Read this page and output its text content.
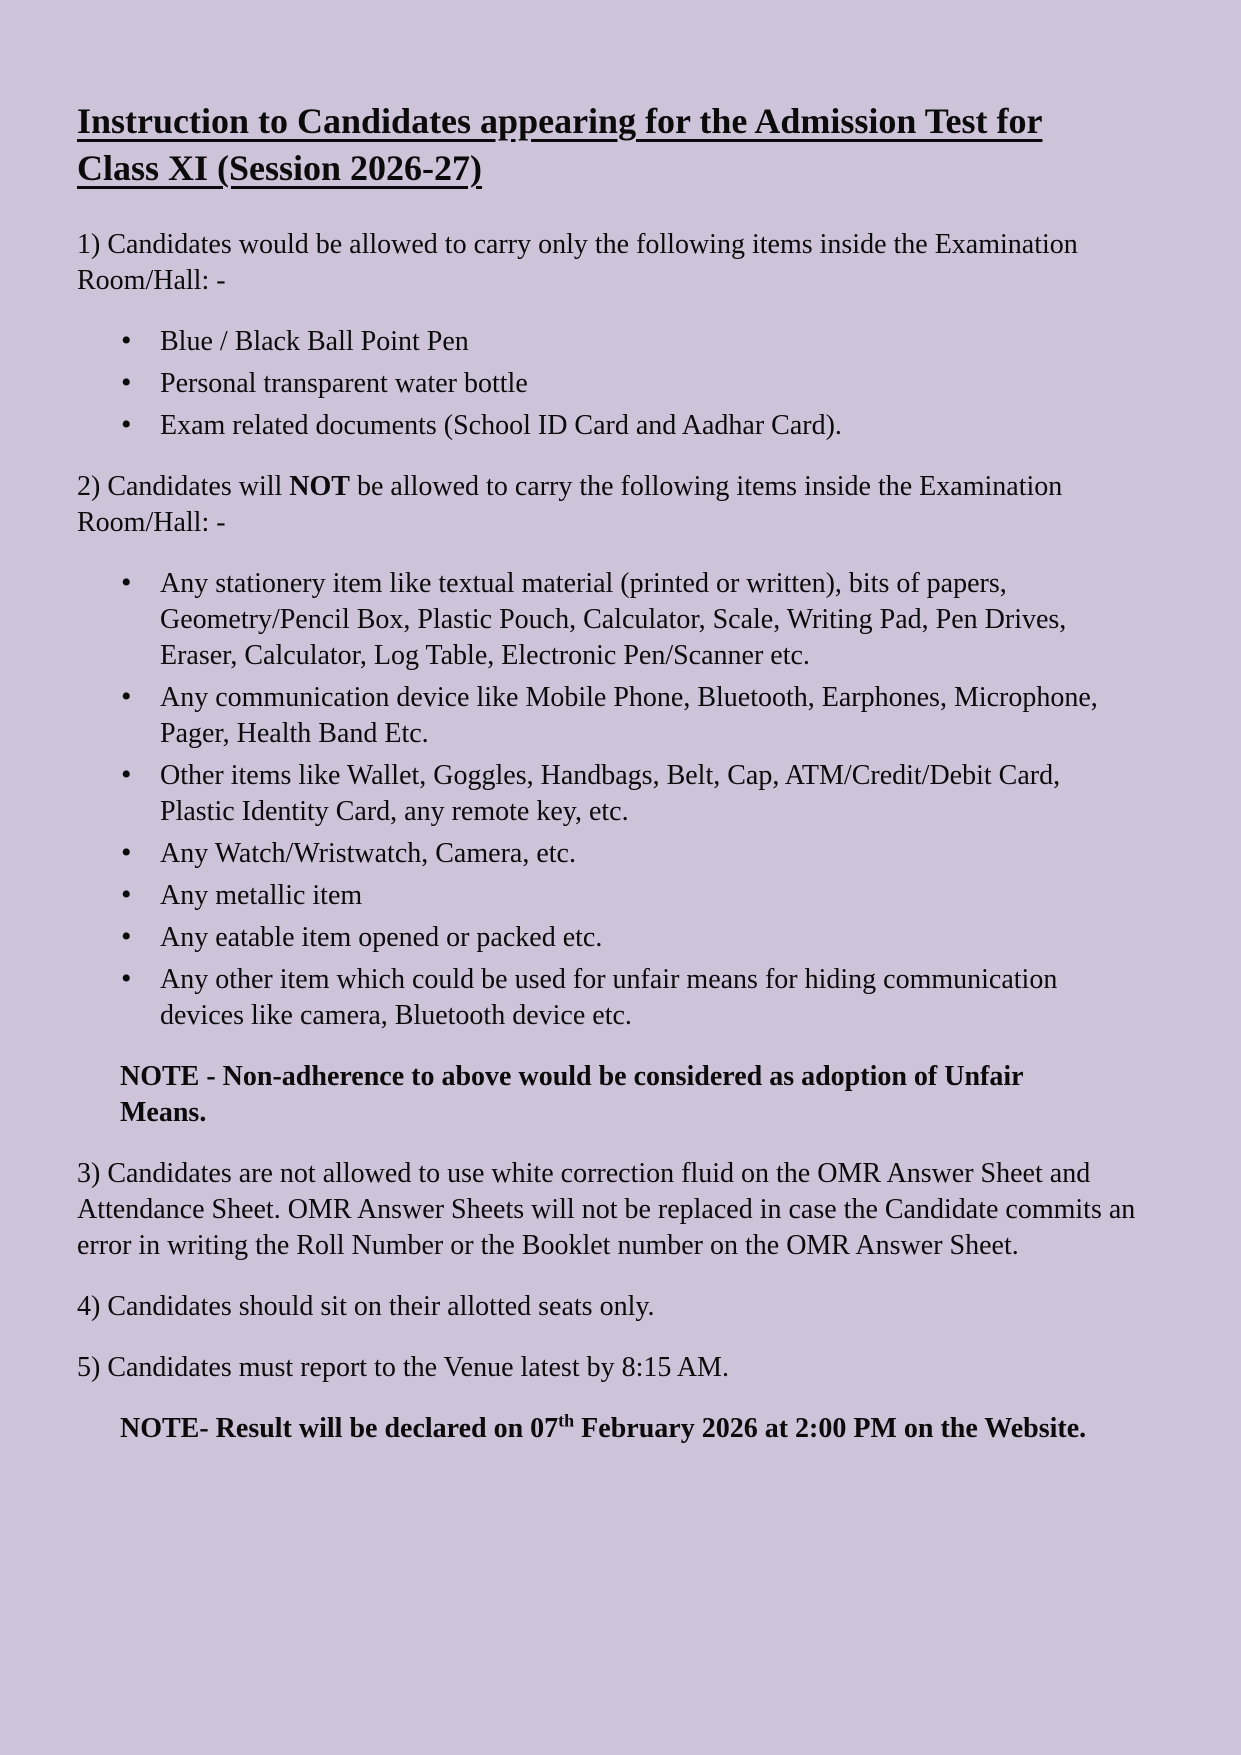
Instruction to Candidates appearing for the Admission Test for Class XI (Session 2026-27)

1) Candidates would be allowed to carry only the following items inside the Examination Room/Hall: -

• Blue / Black Ball Point Pen
• Personal transparent water bottle
• Exam related documents (School ID Card and Aadhar Card).

2) Candidates will NOT be allowed to carry the following items inside the Examination Room/Hall: -

• Any stationery item like textual material (printed or written), bits of papers, Geometry/Pencil Box, Plastic Pouch, Calculator, Scale, Writing Pad, Pen Drives, Eraser, Calculator, Log Table, Electronic Pen/Scanner etc.
• Any communication device like Mobile Phone, Bluetooth, Earphones, Microphone, Pager, Health Band Etc.
• Other items like Wallet, Goggles, Handbags, Belt, Cap, ATM/Credit/Debit Card, Plastic Identity Card, any remote key, etc.
• Any Watch/Wristwatch, Camera, etc.
• Any metallic item
• Any eatable item opened or packed etc.
• Any other item which could be used for unfair means for hiding communication devices like camera, Bluetooth device etc.

NOTE - Non-adherence to above would be considered as adoption of Unfair Means.

3) Candidates are not allowed to use white correction fluid on the OMR Answer Sheet and Attendance Sheet. OMR Answer Sheets will not be replaced in case the Candidate commits an error in writing the Roll Number or the Booklet number on the OMR Answer Sheet.

4) Candidates should sit on their allotted seats only.

5) Candidates must report to the Venue latest by 8:15 AM.

NOTE- Result will be declared on 07th February 2026 at 2:00 PM on the Website.
